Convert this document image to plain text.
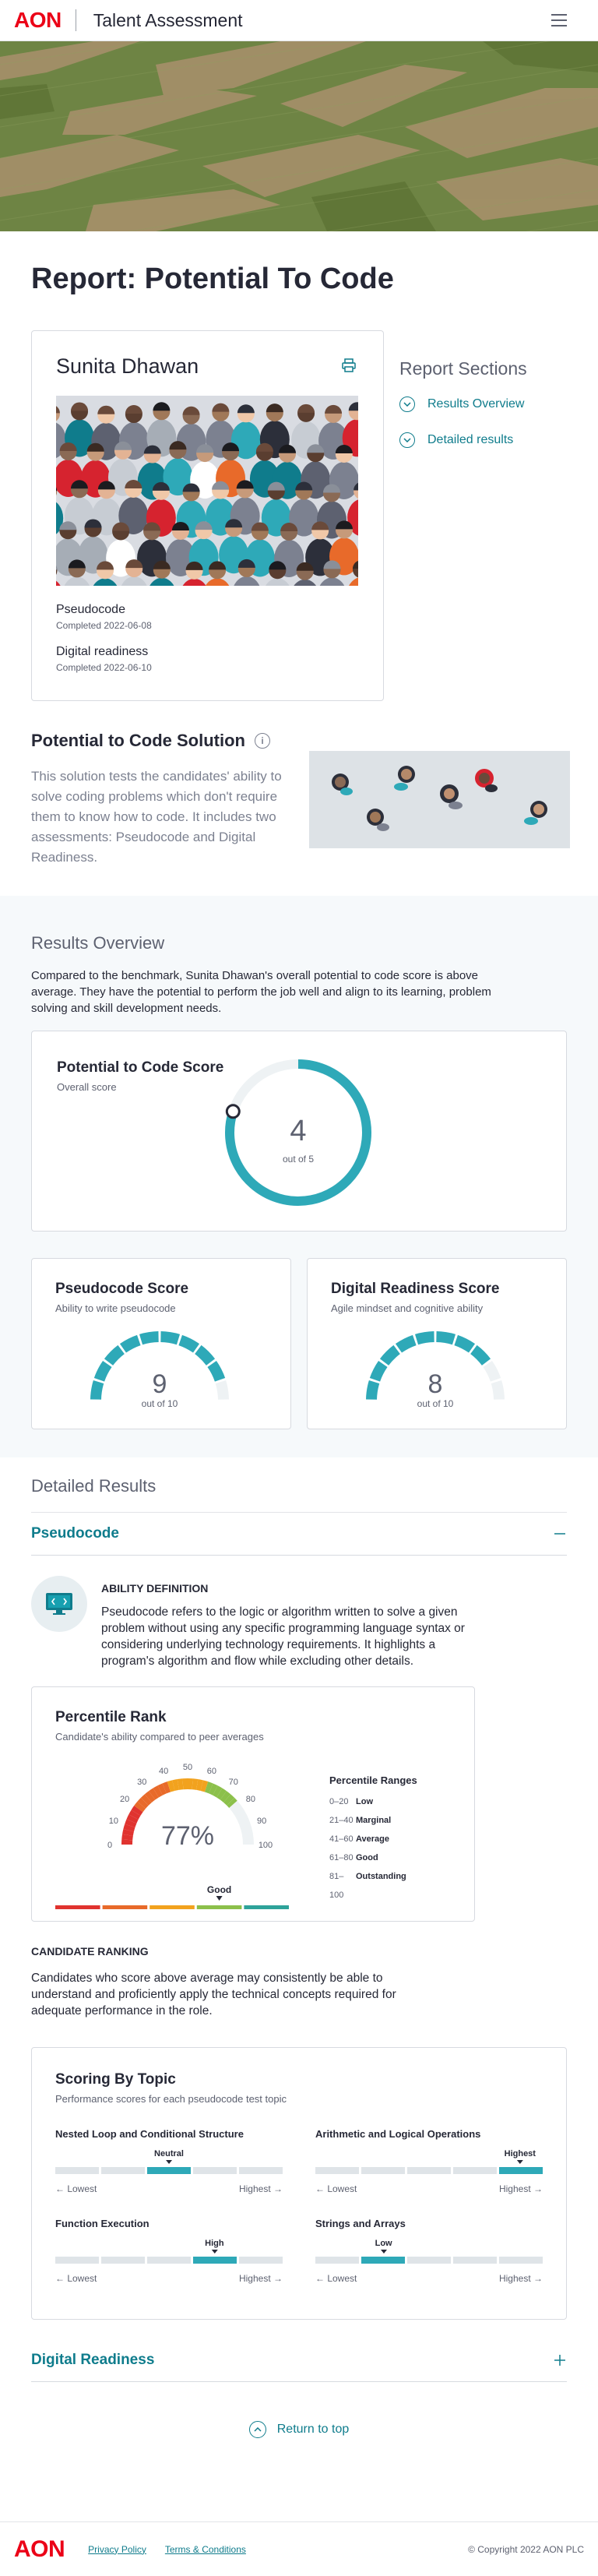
AON Talent Assessment
Report: Potential To Code
Sunita Dhawan
Pseudocode
Completed 2022-06-08
Digital readiness
Completed 2022-06-10
Report Sections
Results Overview
Detailed results
Potential to Code Solution	i

This solution tests the candidates' ability to solve coding problems which don't require them to know how to code. It includes two assessments: Pseudocode and Digital Readiness.

Results Overview

Compared to the benchmark, Sunita Dhawan's overall potential to code score is above average. They have the potential to perform the job well and align to its learning, problem solving and skill development needs.

Potential to Code Score
Overall score
4
out of 5
Pseudocode Score
Ability to write pseudocode
9
out of 10
Digital Readiness Score
Agile mindset and cognitive ability
8
out of 10
Detailed Results
Pseudocode
ABILITY DEFINITION

Pseudocode refers to the logic or algorithm written to solve a given problem without using any specific programming language syntax or considering underlying technology requirements. It highlights a program's algorithm and flow while excluding other details.

Percentile Rank
Candidate's ability compared to peer averages
77%
Good
0
10
20
30
40 50 60
70
80
90
100
Percentile Ranges
0–20 Low
21–40 Marginal
41–60 Average
61–80 Good
81–100
Outstanding
CANDIDATE RANKING

Candidates who score above average may consistently be able to understand and proficiently apply the technical concepts required for adequate performance in the role.

Scoring By Topic
Performance scores for each pseudocode test topic
Nested Loop and Conditional Structure
Neutral
← Lowest	Highest →
Arithmetic and Logical Operations
Highest
← Lowest	Highest →
Function Execution
High
← Lowest	Highest →
Strings and Arrays
Low
← Lowest	Highest →
Digital Readiness
Return to top
AON	Privacy Policy Terms & Conditions	© Copyright 2022 AON PLC
